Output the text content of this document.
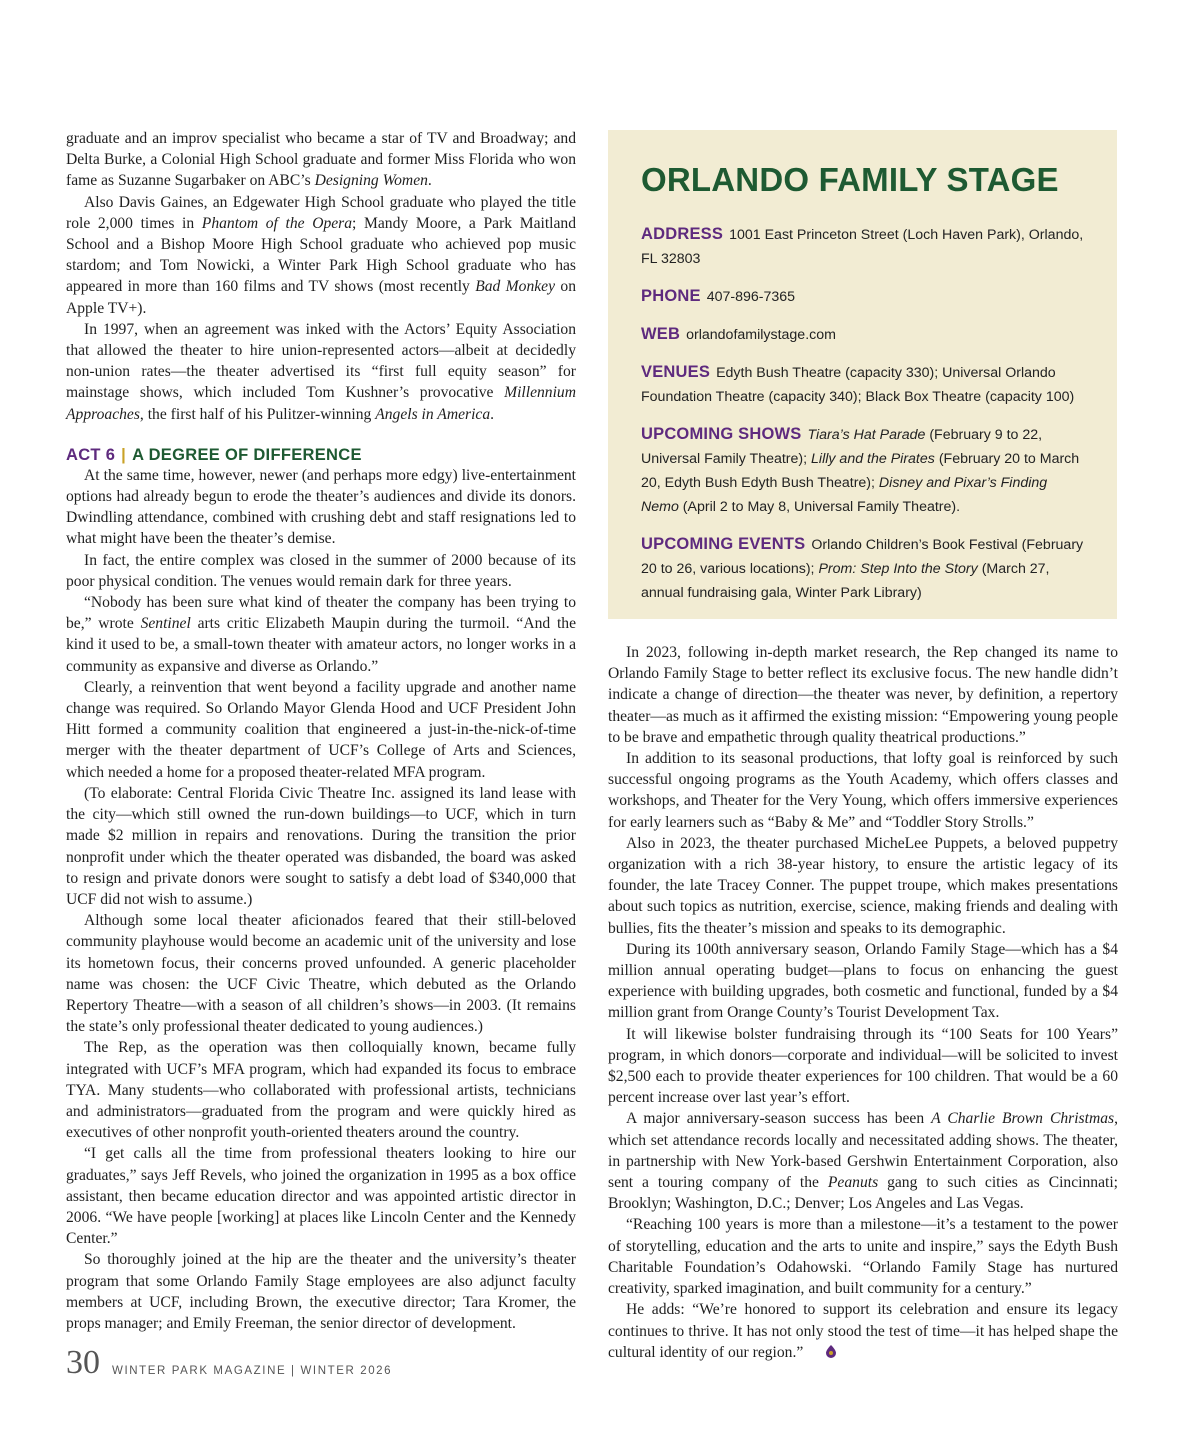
graduate and an improv specialist who became a star of TV and Broadway; and Delta Burke, a Colonial High School graduate and former Miss Florida who won fame as Suzanne Sugarbaker on ABC’s Designing Women.

Also Davis Gaines, an Edgewater High School graduate who played the title role 2,000 times in Phantom of the Opera; Mandy Moore, a Park Maitland School and a Bishop Moore High School graduate who achieved pop music stardom; and Tom Nowicki, a Winter Park High School graduate who has appeared in more than 160 films and TV shows (most recently Bad Monkey on Apple TV+).

In 1997, when an agreement was inked with the Actors’ Equity Association that allowed the theater to hire union-represented actors—albeit at decidedly non-union rates—the theater advertised its “first full equity season” for mainstage shows, which included Tom Kushner’s provocative Millennium Approaches, the first half of his Pulitzer-winning Angels in America.

ACT 6 | A DEGREE OF DIFFERENCE

At the same time, however, newer (and perhaps more edgy) live-entertainment options had already begun to erode the theater’s audiences and divide its donors. Dwindling attendance, combined with crushing debt and staff resignations led to what might have been the theater’s demise.

In fact, the entire complex was closed in the summer of 2000 because of its poor physical condition. The venues would remain dark for three years.

“Nobody has been sure what kind of theater the company has been trying to be,” wrote Sentinel arts critic Elizabeth Maupin during the turmoil. “And the kind it used to be, a small-town theater with amateur actors, no longer works in a community as expansive and diverse as Orlando.”

Clearly, a reinvention that went beyond a facility upgrade and another name change was required. So Orlando Mayor Glenda Hood and UCF President John Hitt formed a community coalition that engineered a just-in-the-nick-of-time merger with the theater department of UCF’s College of Arts and Sciences, which needed a home for a proposed theater-related MFA program.

(To elaborate: Central Florida Civic Theatre Inc. assigned its land lease with the city—which still owned the run-down buildings—to UCF, which in turn made $2 million in repairs and renovations. During the transition the prior nonprofit under which the theater operated was disbanded, the board was asked to resign and private donors were sought to satisfy a debt load of $340,000 that UCF did not wish to assume.)

Although some local theater aficionados feared that their still-beloved community playhouse would become an academic unit of the university and lose its hometown focus, their concerns proved unfounded. A generic placeholder name was chosen: the UCF Civic Theatre, which debuted as the Orlando Repertory Theatre—with a season of all children’s shows—in 2003. (It remains the state’s only professional theater dedicated to young audiences.)

The Rep, as the operation was then colloquially known, became fully integrated with UCF’s MFA program, which had expanded its focus to embrace TYA. Many students—who collaborated with professional artists, technicians and administrators—graduated from the program and were quickly hired as executives of other nonprofit youth-oriented theaters around the country.

“I get calls all the time from professional theaters looking to hire our graduates,” says Jeff Revels, who joined the organization in 1995 as a box office assistant, then became education director and was appointed artistic director in 2006. “We have people [working] at places like Lincoln Center and the Kennedy Center.”

So thoroughly joined at the hip are the theater and the university’s theater program that some Orlando Family Stage employees are also adjunct faculty members at UCF, including Brown, the executive director; Tara Kromer, the props manager; and Emily Freeman, the senior director of development.

ORLANDO FAMILY STAGE
ADDRESS 1001 East Princeton Street (Loch Haven Park), Orlando, FL 32803
PHONE 407-896-7365
WEB orlandofamilystage.com
VENUES Edyth Bush Theatre (capacity 330); Universal Orlando Foundation Theatre (capacity 340); Black Box Theatre (capacity 100)
UPCOMING SHOWS Tiara’s Hat Parade (February 9 to 22, Universal Family Theatre); Lilly and the Pirates (February 20 to March 20, Edyth Bush Edyth Bush Theatre); Disney and Pixar’s Finding Nemo (April 2 to May 8, Universal Family Theatre).
UPCOMING EVENTS Orlando Children’s Book Festival (February 20 to 26, various locations); Prom: Step Into the Story (March 27, annual fundraising gala, Winter Park Library)

In 2023, following in-depth market research, the Rep changed its name to Orlando Family Stage to better reflect its exclusive focus. The new handle didn’t indicate a change of direction—the theater was never, by definition, a repertory theater—as much as it affirmed the existing mission: “Empowering young people to be brave and empathetic through quality theatrical productions.”

In addition to its seasonal productions, that lofty goal is reinforced by such successful ongoing programs as the Youth Academy, which offers classes and workshops, and Theater for the Very Young, which offers immersive experiences for early learners such as “Baby & Me” and “Toddler Story Strolls.”

Also in 2023, the theater purchased MicheLee Puppets, a beloved puppetry organization with a rich 38-year history, to ensure the artistic legacy of its founder, the late Tracey Conner. The puppet troupe, which makes presentations about such topics as nutrition, exercise, science, making friends and dealing with bullies, fits the theater’s mission and speaks to its demographic.

During its 100th anniversary season, Orlando Family Stage—which has a $4 million annual operating budget—plans to focus on enhancing the guest experience with building upgrades, both cosmetic and functional, funded by a $4 million grant from Orange County’s Tourist Development Tax.

It will likewise bolster fundraising through its “100 Seats for 100 Years” program, in which donors—corporate and individual—will be solicited to invest $2,500 each to provide theater experiences for 100 children. That would be a 60 percent increase over last year’s effort.

A major anniversary-season success has been A Charlie Brown Christmas, which set attendance records locally and necessitated adding shows. The theater, in partnership with New York-based Gershwin Entertainment Corporation, also sent a touring company of the Peanuts gang to such cities as Cincinnati; Brooklyn; Washington, D.C.; Denver; Los Angeles and Las Vegas.

“Reaching 100 years is more than a milestone—it’s a testament to the power of storytelling, education and the arts to unite and inspire,” says the Edyth Bush Charitable Foundation’s Odahowski. “Orlando Family Stage has nurtured creativity, sparked imagination, and built community for a century.”

He adds: “We’re honored to support its celebration and ensure its legacy continues to thrive. It has not only stood the test of time—it has helped shape the cultural identity of our region.”

30 WINTER PARK MAGAZINE | WINTER 2026
